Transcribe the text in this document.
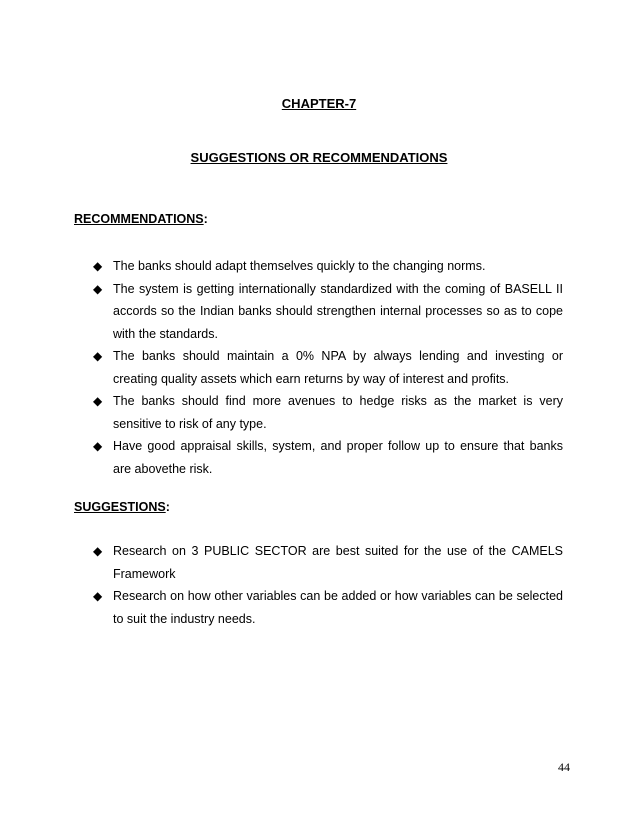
CHAPTER-7
SUGGESTIONS OR RECOMMENDATIONS

RECOMMENDATIONS:

◆ The banks should adapt themselves quickly to the changing norms.
◆ The system is getting internationally standardized with the coming of BASELL II accords so the Indian banks should strengthen internal processes so as to cope with the standards.
◆ The banks should maintain a 0% NPA by always lending and investing or creating quality assets which earn returns by way of interest and profits.
◆ The banks should find more avenues to hedge risks as the market is very sensitive to risk of any type.
◆ Have good appraisal skills, system, and proper follow up to ensure that banks are abovethe risk.

SUGGESTIONS:

◆ Research on 3 PUBLIC SECTOR are best suited for the use of the CAMELS Framework
◆ Research on how other variables can be added or how variables can be selected to suit the industry needs.

44
